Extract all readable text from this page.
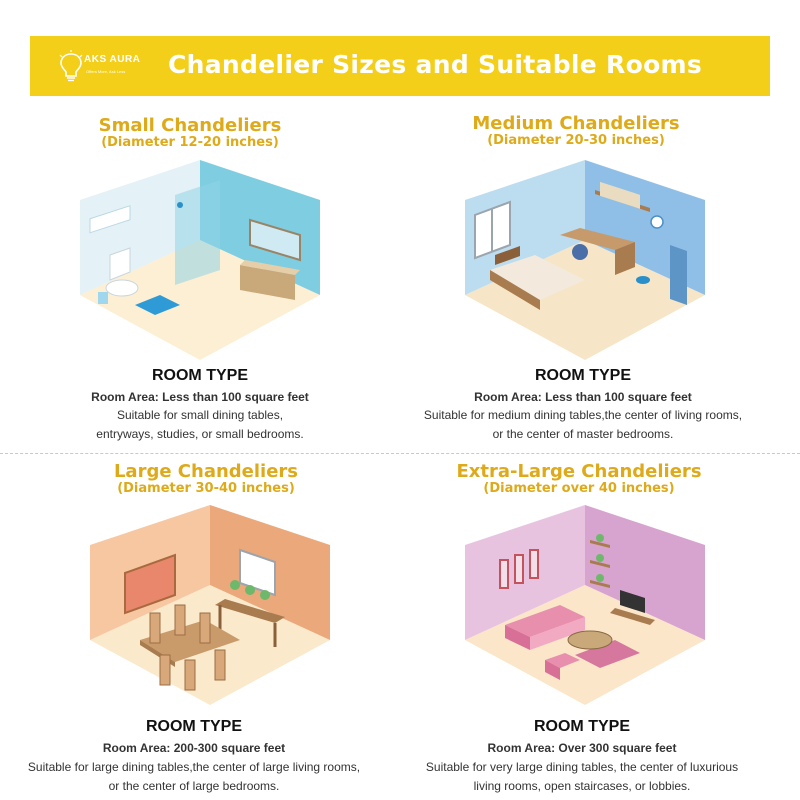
AKS AURA
Offers More, Ask Less Chandelier Sizes and Suitable Rooms
Small Chandeliers
(Diameter 12-20 inches)
ROOM TYPE
Room Area: Less than 100 square feet
Suitable for small dining tables,
entryways, studies, or small bedrooms.
Medium Chandeliers
(Diameter 20-30 inches)
ROOM TYPE
Room Area: Less than 100 square feet
Suitable for medium dining tables,the center of living rooms,
or the center of master bedrooms.
Large Chandeliers
(Diameter 30-40 inches)
ROOM TYPE
Room Area: 200-300 square feet
Suitable for large dining tables,the center of large living rooms,
or the center of large bedrooms.
Extra-Large Chandeliers
(Diameter over 40 inches)
ROOM TYPE
Room Area: Over 300 square feet
Suitable for very large dining tables, the center of luxurious
living rooms, open staircases, or lobbies.
